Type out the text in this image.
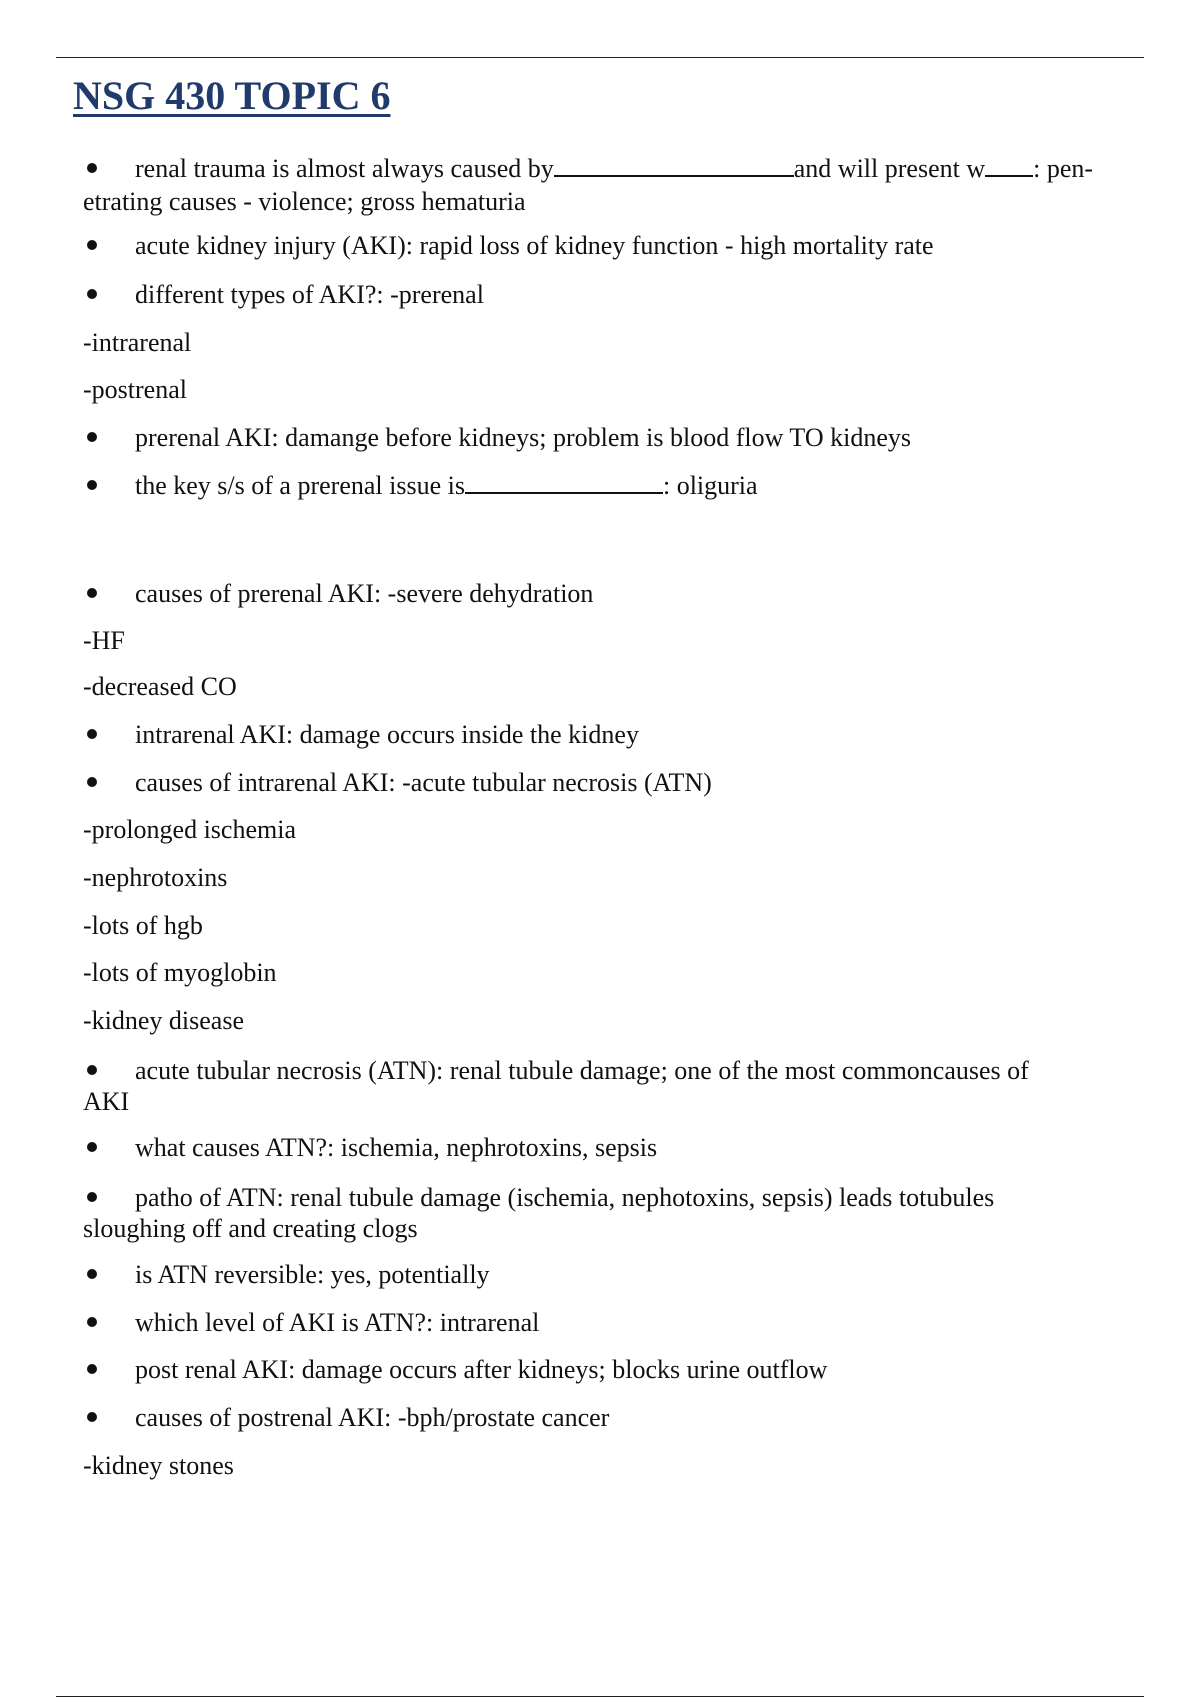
NSG 430 TOPIC 6

renal trauma is almost always caused by	and will present w : pen-

etrating causes - violence; gross hematuria

acute kidney injury (AKI): rapid loss of kidney function - high mortality rate

different types of AKI?: -prerenal

-intrarenal

-postrenal

prerenal AKI: damange before kidneys; problem is blood flow TO kidneys

the key s/s of a prerenal issue is	: oliguria

causes of prerenal AKI: -severe dehydration

-HF

-decreased CO

intrarenal AKI: damage occurs inside the kidney

causes of intrarenal AKI: -acute tubular necrosis (ATN)

-prolonged ischemia

-nephrotoxins

-lots of hgb

-lots of myoglobin

-kidney disease

acute tubular necrosis (ATN): renal tubule damage; one of the most commoncauses of

AKI

what causes ATN?: ischemia, nephrotoxins, sepsis

patho of ATN: renal tubule damage (ischemia, nephotoxins, sepsis) leads totubules

sloughing off and creating clogs

is ATN reversible: yes, potentially

which level of AKI is ATN?: intrarenal

post renal AKI: damage occurs after kidneys; blocks urine outflow

causes of postrenal AKI: -bph/prostate cancer

-kidney stones
